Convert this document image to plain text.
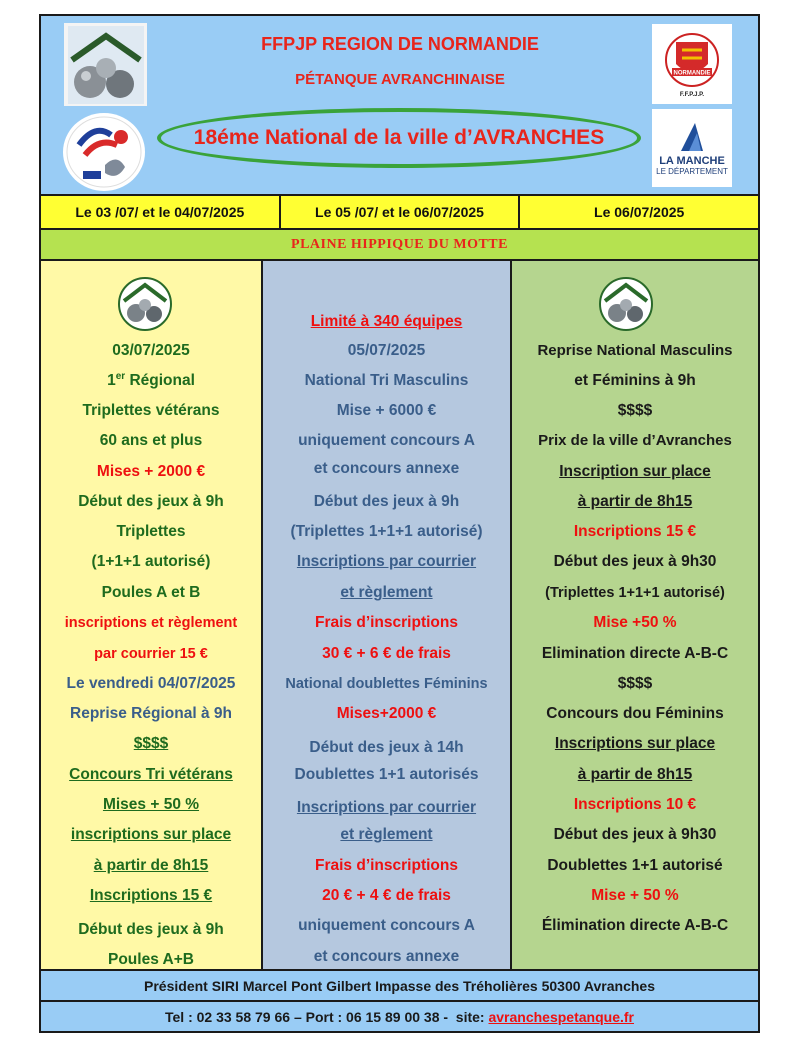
FFPJP REGION DE NORMANDIE
PÉTANQUE AVRANCHINAISE
18éme National de la ville d’AVRANCHES
NORMANDIE
F.F.P.J.P.
LA MANCHE
LE DÉPARTEMENT
Le 03 /07/ et le 04/07/2025	Le 05 /07/ et le 06/07/2025	Le 06/07/2025
PLAINE HIPPIQUE DU MOTTE
03/07/2025
1er Régional
Triplettes vétérans
60 ans et plus
Mises + 2000 €
Début des jeux à 9h
Triplettes
(1+1+1 autorisé)
Poules A et B
inscriptions et règlement
par courrier 15 €
Le vendredi 04/07/2025
Reprise Régional à 9h
$$$$
Concours Tri vétérans
Mises + 50 %
inscriptions sur place
à partir de 8h15
Inscriptions 15 €
Début des jeux à 9h
Poules A+B
Limité à 340 équipes
05/07/2025
National Tri Masculins
Mise + 6000 €
uniquement concours A
et concours annexe
Début des jeux à 9h
(Triplettes 1+1+1 autorisé)
Inscriptions par courrier
et règlement
Frais d’inscriptions
30 € + 6 € de frais
National doublettes Féminins
Mises+2000 €
Début des jeux à 14h
Doublettes 1+1 autorisés
Inscriptions par courrier
et règlement
Frais d’inscriptions
20 € + 4 € de frais
uniquement concours A
et concours annexe
Reprise National Masculins
et Féminins à 9h
$$$$
Prix de la ville d’Avranches
Inscription sur place
à partir de 8h15
Inscriptions 15 €
Début des jeux à 9h30
(Triplettes 1+1+1 autorisé)
Mise +50 %
Elimination directe A-B-C
$$$$
Concours dou Féminins
Inscriptions sur place
à partir de 8h15
Inscriptions 10 €
Début des jeux à 9h30
Doublettes 1+1 autorisé
Mise + 50 %
Élimination directe A-B-C
Président SIRI Marcel Pont Gilbert Impasse des Tréholières 50300 Avranches
Tel : 02 33 58 79 66 – Port : 06 15 89 00 38 -  site: avranchespetanque.fr
